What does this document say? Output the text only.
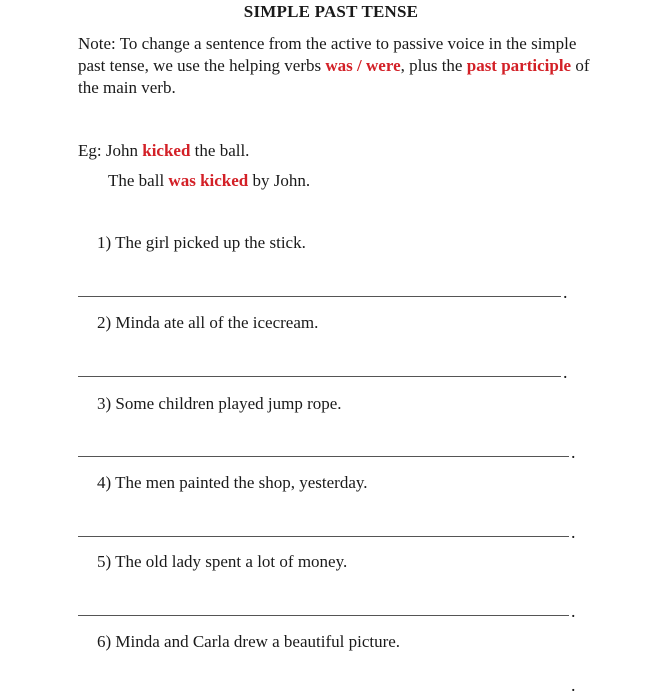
SIMPLE PAST TENSE
Note: To change a sentence from the active to passive voice in the simple past tense, we use the helping verbs was / were, plus the past participle of the main verb.
Eg: John kicked the ball.
The ball was kicked by John.
1) The girl picked up the stick.
.
2) Minda ate all of the icecream.
.
3) Some children played jump rope.
.
4) The men painted the shop, yesterday.
.
5) The old lady spent a lot of money.
.
6) Minda and Carla drew a beautiful picture.
.
